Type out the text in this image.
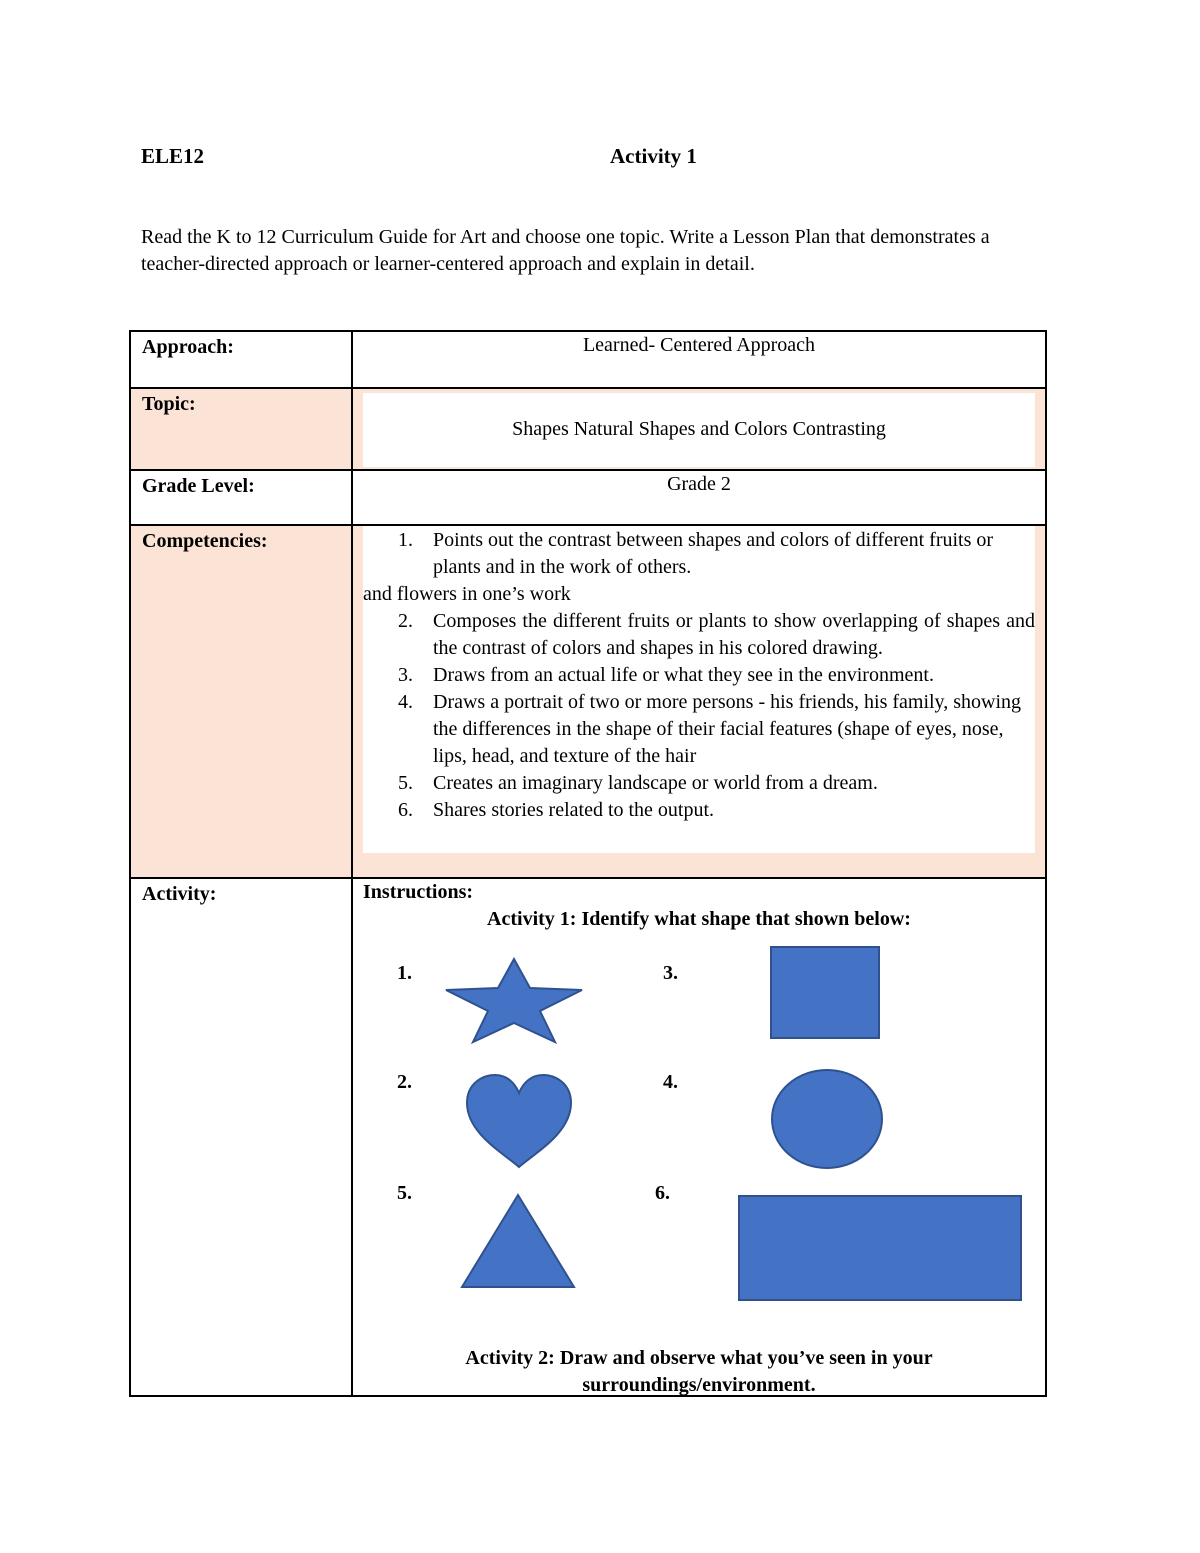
ELE12	Activity 1

Read the K to 12 Curriculum Guide for Art and choose one topic. Write a Lesson Plan that demonstrates a teacher-directed approach or learner-centered approach and explain in detail.

Approach:	Learned- Centered Approach
Topic:
Shapes Natural Shapes and Colors Contrasting
Grade Level:	Grade 2
Competencies:	1. Points out the contrast between shapes and colors of different fruits or plants and in the work of others.
and flowers in one’s work
2. Composes the different fruits or plants to show overlapping of shapes and the contrast of colors and shapes in his colored drawing.
3. Draws from an actual life or what they see in the environment.
4. Draws a portrait of two or more persons - his friends, his family, showing the differences in the shape of their facial features (shape of eyes, nose, lips, head, and texture of the hair
5. Creates an imaginary landscape or world from a dream.
6. Shares stories related to the output.
Activity:	Instructions:
Activity 1: Identify what shape that shown below:
1.
2.
3.
4.
5.	6.
Activity 2: Draw and observe what you’ve seen in your surroundings/environment.
